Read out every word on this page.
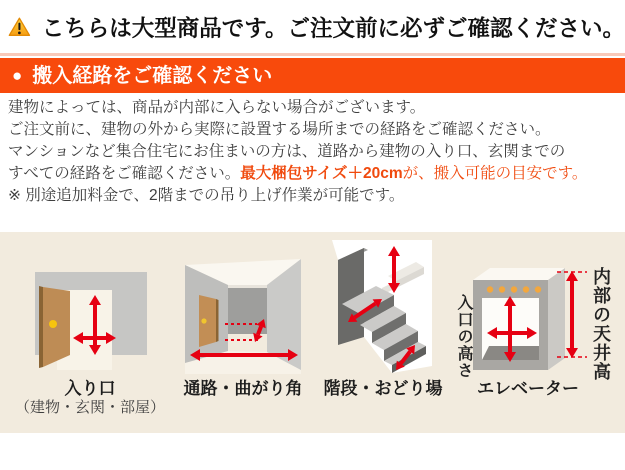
こちらは大型商品です。ご注文前に必ずご確認ください。
● 搬入経路をご確認ください

建物によっては、商品が内部に入らない場合がございます。

ご注文前に、建物の外から実際に設置する場所までの経路をご確認ください。

マンションなど集合住宅にお住まいの方は、道路から建物の入り口、玄関までの

すべての経路をご確認ください。最大梱包サイズ＋20cmが、搬入可能の目安です。

※ 別途追加料金で、2階までの吊り上げ作業が可能です。

入口の高さ	内部の天井高
入り口
（建物・玄関・部屋）
通路・曲がり角	階段・おどり場	エレベーター
